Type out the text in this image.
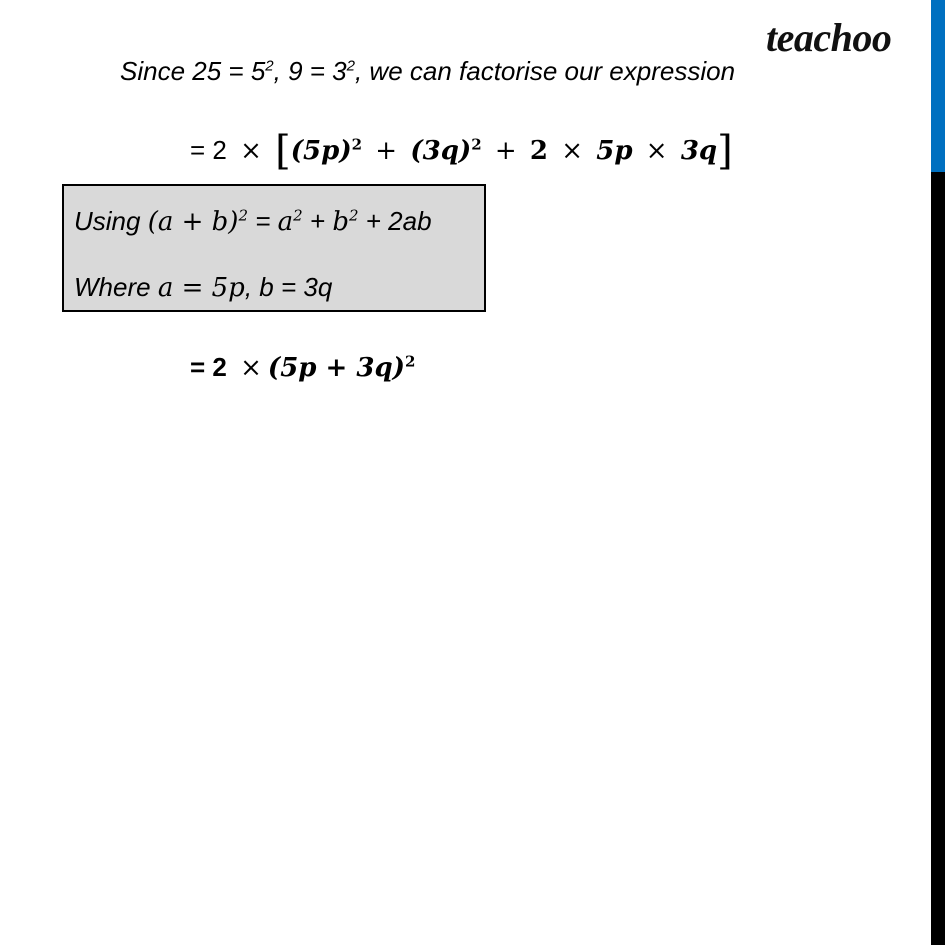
teachoo
Since $25 = 5^2$, $9 = 3^2$, we can factorise our expression
= $2 \times [(5p)^2 + (3q)^2 + 2 \times 5p \times 3q]$
Using $(a + b)^2 = a^2 + b^2 + 2ab$
Where a = 5p, b = 3q
= $2 \times (5p + 3q)^2$
